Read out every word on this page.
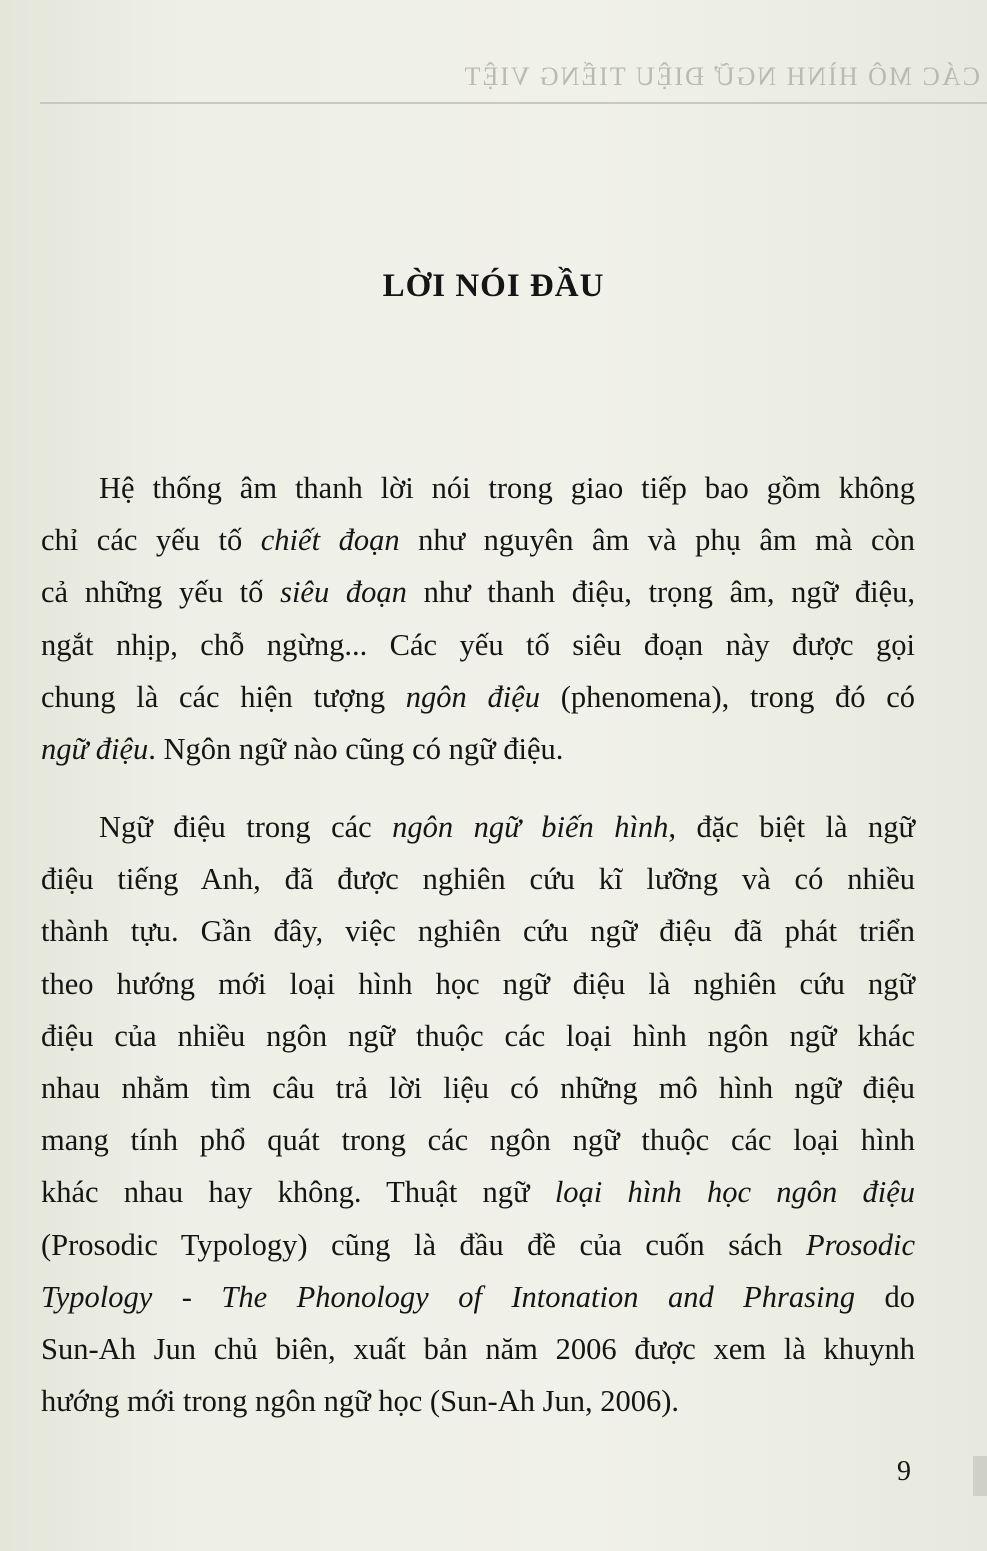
CÁC MÔ HÌNH NGỮ ĐIỆU TIẾNG VIỆT
LỜI NÓI ĐẦU
Hệ thống âm thanh lời nói trong giao tiếp bao gồm không
chỉ các yếu tố chiết đoạn như nguyên âm và phụ âm mà còn
cả những yếu tố siêu đoạn như thanh điệu, trọng âm, ngữ điệu,
ngắt nhịp, chỗ ngừng... Các yếu tố siêu đoạn này được gọi
chung là các hiện tượng ngôn điệu (phenomena), trong đó có
ngữ điệu. Ngôn ngữ nào cũng có ngữ điệu.
Ngữ điệu trong các ngôn ngữ biến hình, đặc biệt là ngữ
điệu tiếng Anh, đã được nghiên cứu kĩ lưỡng và có nhiều
thành tựu. Gần đây, việc nghiên cứu ngữ điệu đã phát triển
theo hướng mới loại hình học ngữ điệu là nghiên cứu ngữ
điệu của nhiều ngôn ngữ thuộc các loại hình ngôn ngữ khác
nhau nhằm tìm câu trả lời liệu có những mô hình ngữ điệu
mang tính phổ quát trong các ngôn ngữ thuộc các loại hình
khác nhau hay không. Thuật ngữ loại hình học ngôn điệu
(Prosodic Typology) cũng là đầu đề của cuốn sách Prosodic
Typology - The Phonology of Intonation and Phrasing do
Sun-Ah Jun chủ biên, xuất bản năm 2006 được xem là khuynh
hướng mới trong ngôn ngữ học (Sun-Ah Jun, 2006).
9
